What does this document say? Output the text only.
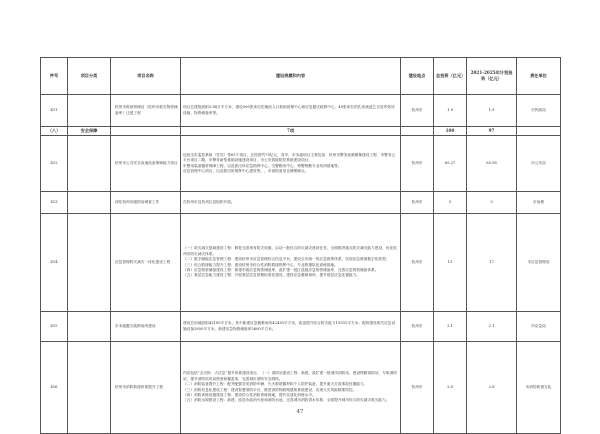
序号	项目分类	项目名称	建设规模和内容	建设地点	总投资（亿元）	2021-2025年计划投资（亿元）	责任单位
411		杭州市救助管理站（杭州市救灾物资储备库）迁建工程	项目总建筑面积3.84万平方米，建设500张床位的流浪人口救助管理中心和应急避灾疏散中心、49张床位的孔家流浪乞讨及军休所设施、物资储备库等。	杭州市	1.9	1.9	市民政局
（八）	安全保障		7项		100	97	
412		杭州市公共安全高速设备保障能力项目	包括全市监控系统（雪亮）等62个项目，总投资约70亿元，其中，市本级项目主要包括：杭州市警务视频图像建设工程、市警务云平台项目二期、市警务新型基础设施建设项目、市公安智能防控系统建设项目、
市警用装备器材保障工程、以及派出所应急指挥中心、交警勤务中心、特警特勤专业培训基地等。
应急管理中心项目，以及派出所指挥中心建设等，，市消防备用仓储保障点。	杭州市	65.27	65.58	市公安局
413		深化杭州市级防治调查工作	在杭州市及杭州区县组织开展。	杭州市	5	5	市治理
414		应急管理防灾减灾一体化建设工程	（一）防灾减灾基础建设工程：修复完善现有防灾设施，启动一批综合防灾减灾建设任务，全面推进重点防灾减灾能力建设，优化杭州市防灾减灾体系。
（二）数字赋能应急管理工程：建设杭州市应急管理综合信息平台，建设全市统一的应急指挥体系，实现应急救援数字化转型。
（三）综合救援能力提升工程：建设杭州市综合性消防救援指挥中心、专业救援队伍训练基地。
（四）应急物资储备建设工程：新建市级应急物资储备库，改扩建一批区县级应急物资储备库，完善应急物资储备体系。
（五）基层应急能力建设工程：开展基层应急管理标准化建设，建设应急避难场所，提升基层应急处置能力。	杭州市	13	17	市应急管理局
415		市本级避灾疏散场所建设	建设总用地面积43100平方米，其中新建应急避难场所42430平方米，改造提升综合防灾能力13291平方米；配套建设相关应急设施设备2850平方米，新建应急物资储备库2600平方米。	杭州市	2.1	2.1	市应急局
416		杭州市消防救援体系提升工程	内容包括“全灾种、大应急”提升体系建设项目，（一）消防站建设工程：新建、改扩建一批城市消防站，建设特勤消防站、专职消防站，提升消防站布局密度和覆盖率，完善城市消防安全网络。
（二）消防装备提升工程：配齐配强各类消防车辆、灭火救援器材和个人防护装备，提升重大灾害事故处置能力。
（三）消防信息化建设工程：建设智慧消防平台，推进消防物联网感知系统建设，实现火灾风险精准防控。
（四）消防训练设施建设工程：建设综合性消防训练基地，提升实战化训练水平。
（五）消防水源建设工程：新建、改造市政消火栓和消防水池，完善城市消防供水体系，全面提升城市综合防灾减灾救灾能力。	杭州市	2.8	2.8	市消防救援支队
47
